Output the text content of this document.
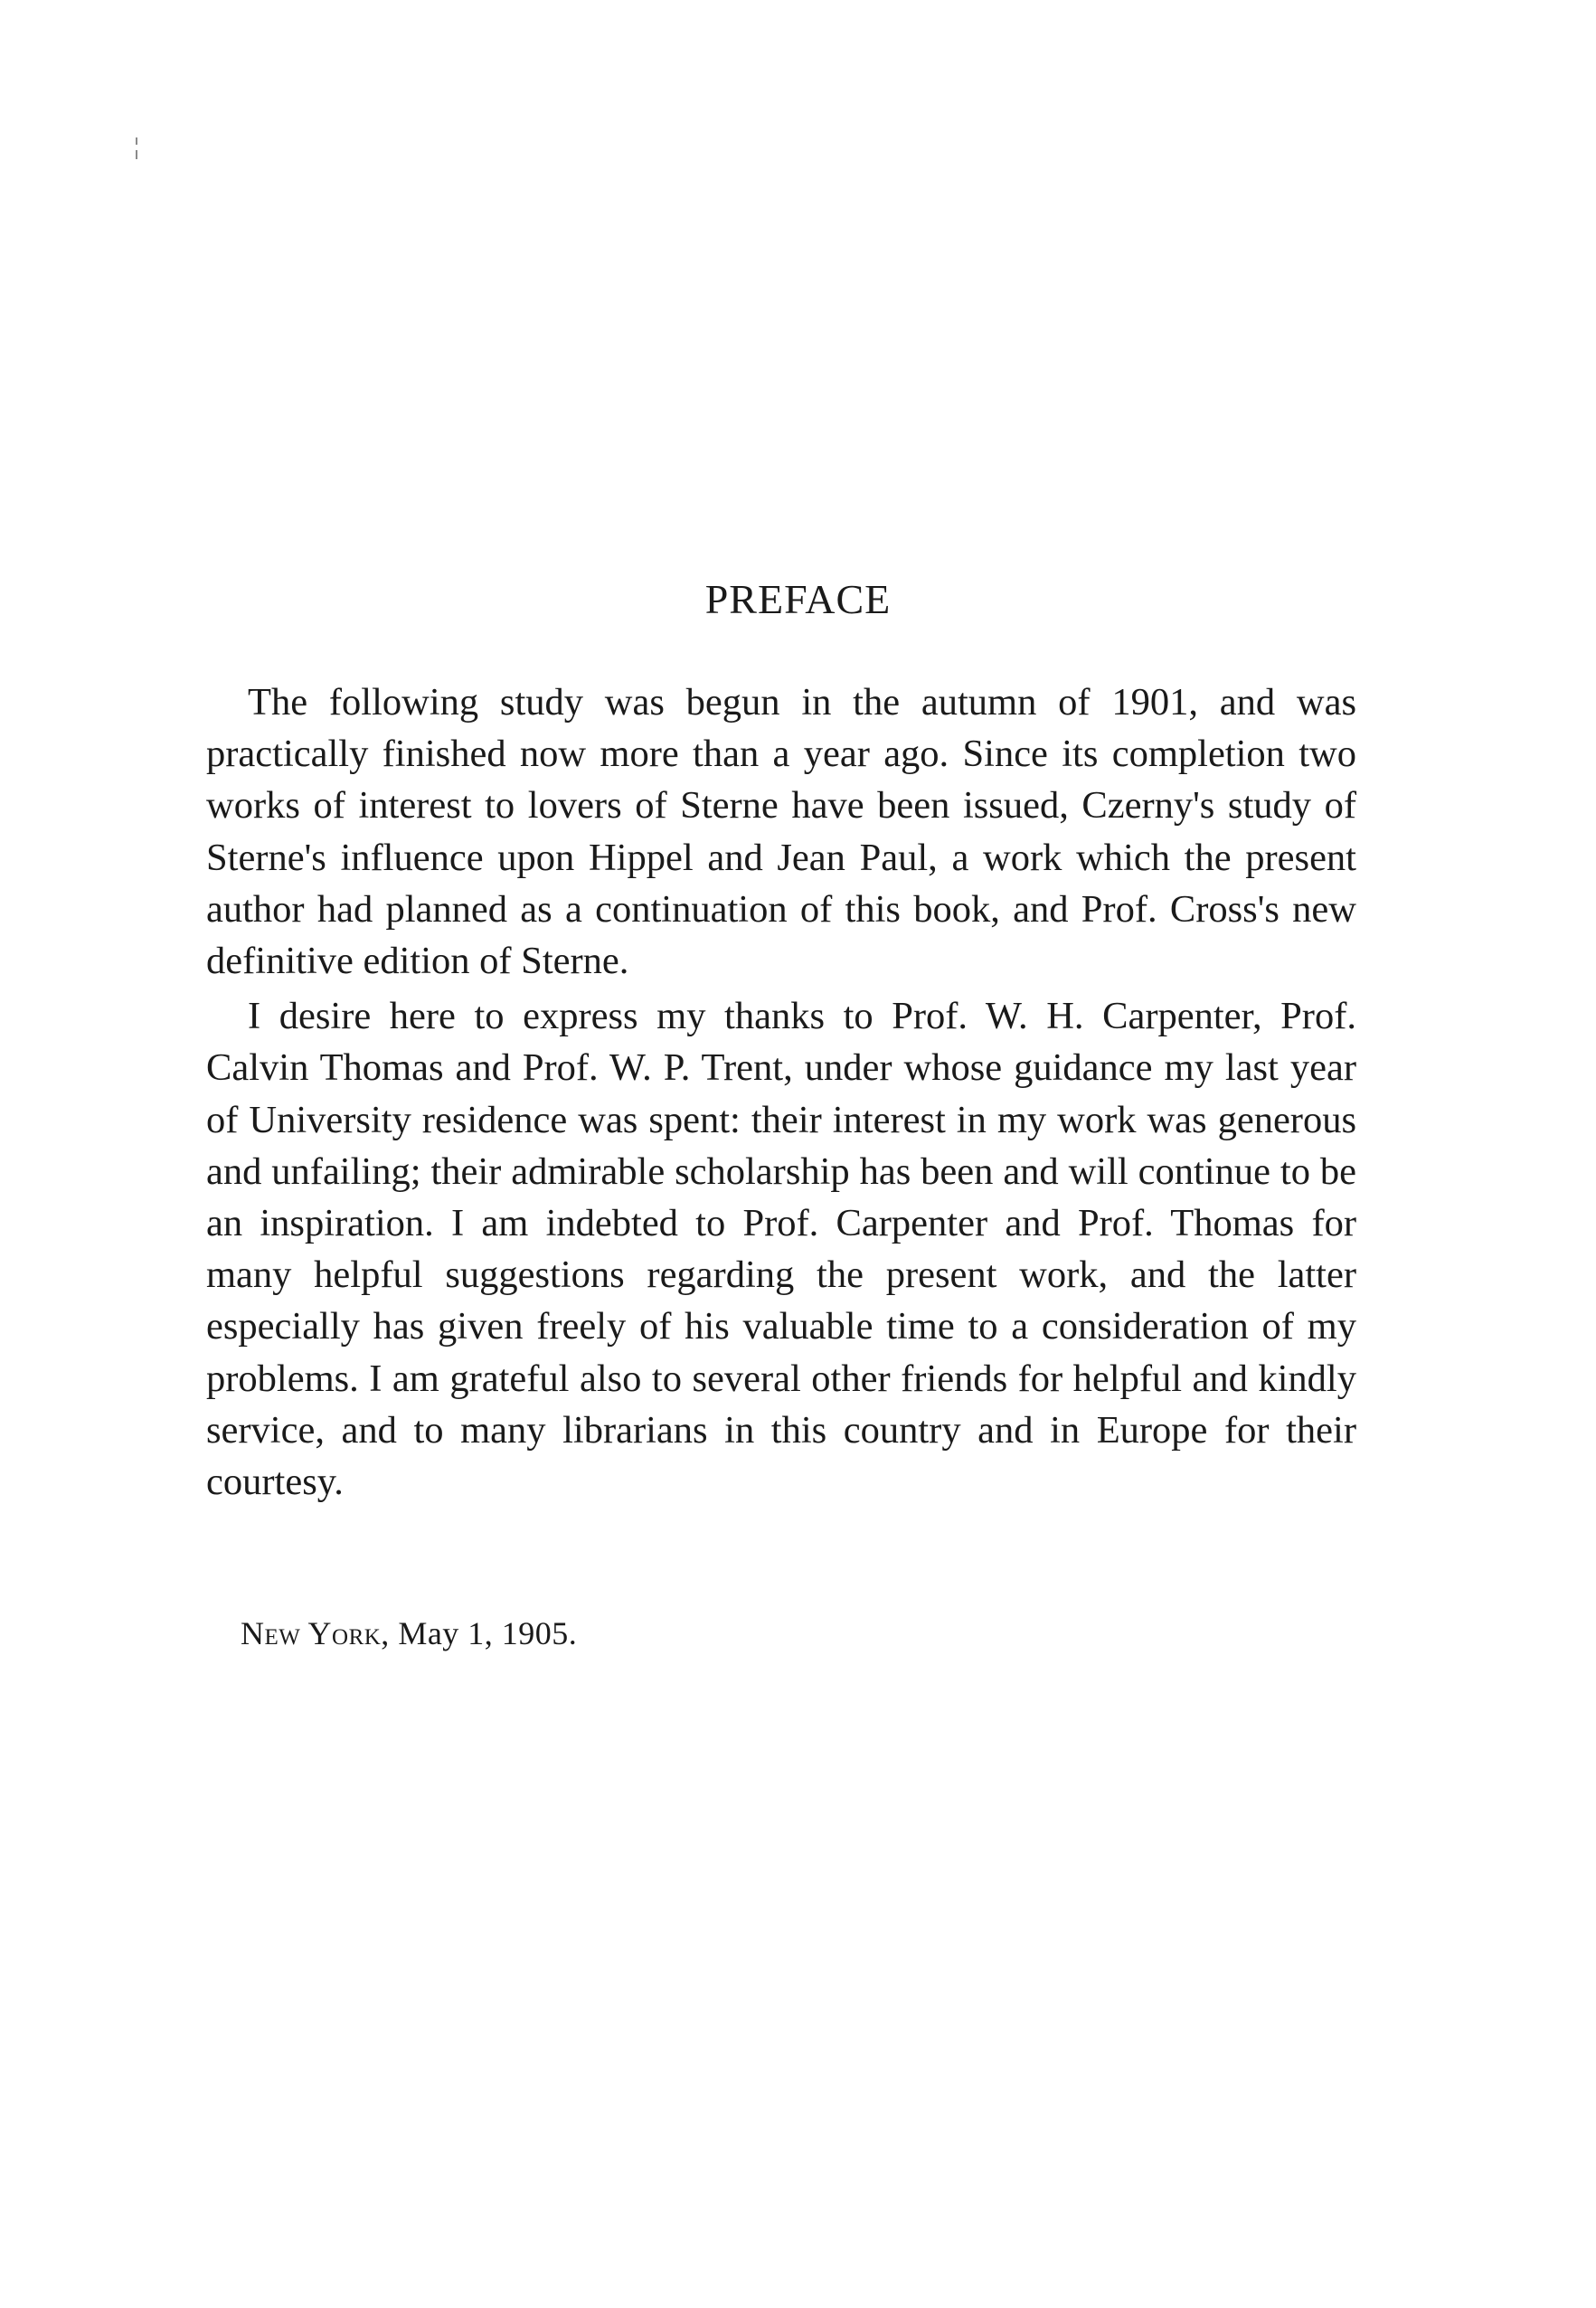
PREFACE

The following study was begun in the autumn of 1901, and was practically finished now more than a year ago. Since its completion two works of interest to lovers of Sterne have been issued, Czerny's study of Sterne's influence upon Hippel and Jean Paul, a work which the present author had planned as a continuation of this book, and Prof. Cross's new definitive edition of Sterne.

I desire here to express my thanks to Prof. W. H. Carpenter, Prof. Calvin Thomas and Prof. W. P. Trent, under whose guidance my last year of University residence was spent: their interest in my work was generous and unfailing; their admirable scholarship has been and will continue to be an inspiration. I am indebted to Prof. Carpenter and Prof. Thomas for many helpful suggestions regarding the present work, and the latter especially has given freely of his valuable time to a consideration of my problems. I am grateful also to several other friends for helpful and kindly service, and to many librarians in this country and in Europe for their courtesy.

New York, May 1, 1905.
